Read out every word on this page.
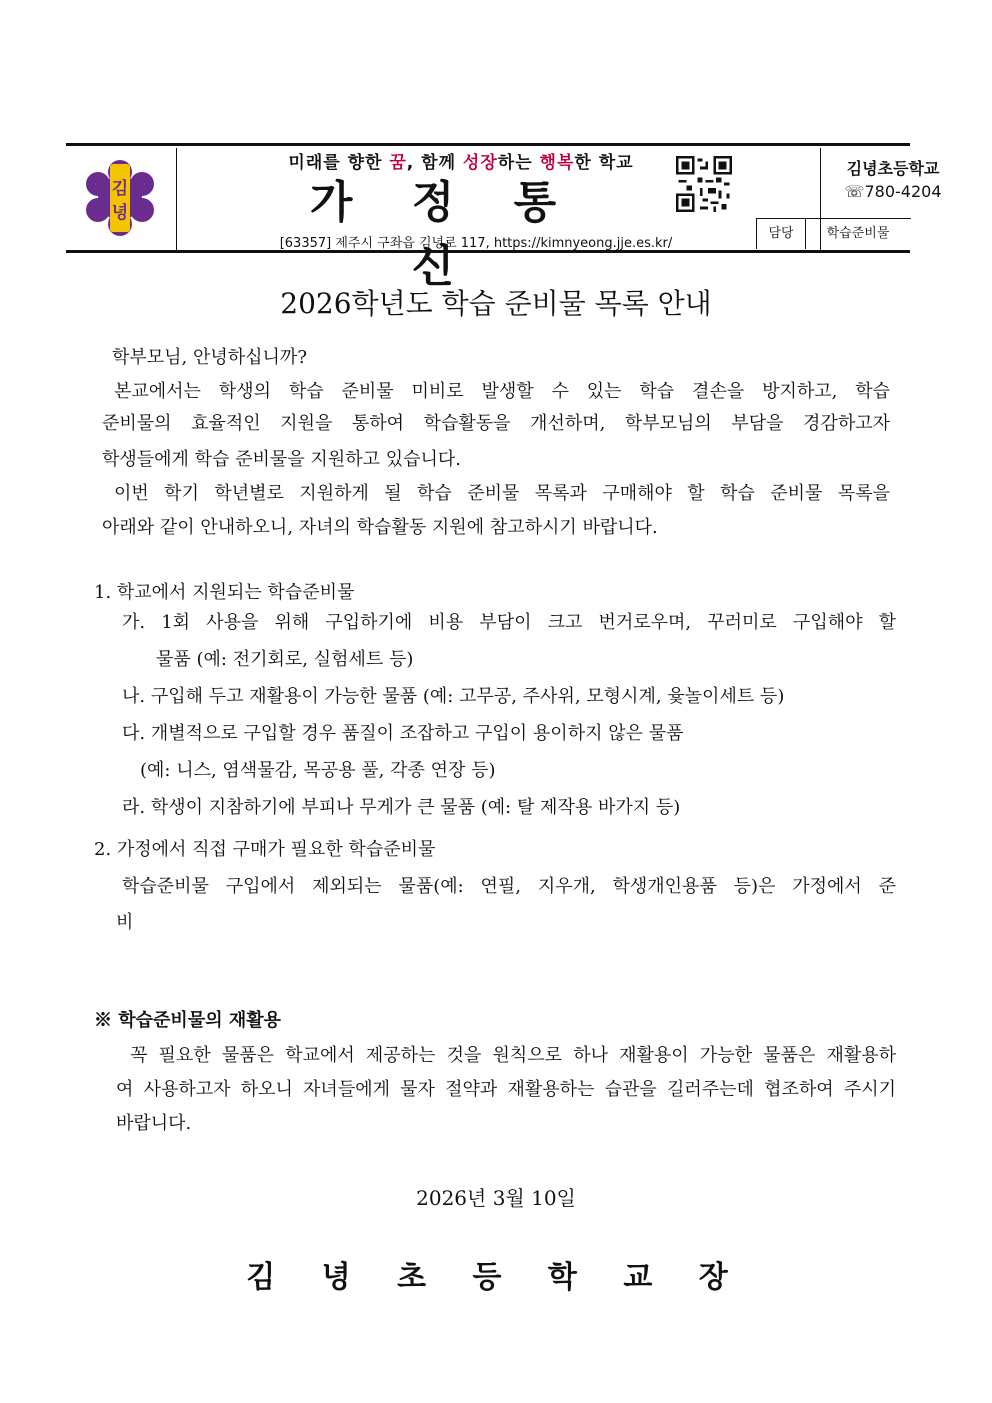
김
녕
미래를 향한 꿈, 함께 성장하는 행복한 학교
가 정 통 신
[63357] 제주시 구좌읍 김녕로 117, https://kimnyeong.jje.es.kr/
김녕초등학교
☏780-4204
담당	학습준비물
2026학년도 학습 준비물 목록 안내
학부모님, 안녕하십니까?
본교에서는 학생의 학습 준비물 미비로 발생할 수 있는 학습 결손을 방지하고, 학습
준비물의 효율적인 지원을 통하여 학습활동을 개선하며, 학부모님의 부담을 경감하고자
학생들에게 학습 준비물을 지원하고 있습니다.
이번 학기 학년별로 지원하게 될 학습 준비물 목록과 구매해야 할 학습 준비물 목록을
아래와 같이 안내하오니, 자녀의 학습활동 지원에 참고하시기 바랍니다.
1. 학교에서 지원되는 학습준비물
가. 1회 사용을 위해 구입하기에 비용 부담이 크고 번거로우며, 꾸러미로 구입해야 할
물품 (예: 전기회로, 실험세트 등)
나. 구입해 두고 재활용이 가능한 물품 (예: 고무공, 주사위, 모형시계, 윷놀이세트 등)
다. 개별적으로 구입할 경우 품질이 조잡하고 구입이 용이하지 않은 물품
(예: 니스, 염색물감, 목공용 풀, 각종 연장 등)
라. 학생이 지참하기에 부피나 무게가 큰 물품 (예: 탈 제작용 바가지 등)
2. 가정에서 직접 구매가 필요한 학습준비물
학습준비물 구입에서 제외되는 물품(예: 연필, 지우개, 학생개인용품 등)은 가정에서 준
비
※ 학습준비물의 재활용
꼭 필요한 물품은 학교에서 제공하는 것을 원칙으로 하나 재활용이 가능한 물품은 재활용하
여 사용하고자 하오니 자녀들에게 물자 절약과 재활용하는 습관을 길러주는데 협조하여 주시기
바랍니다.
2026년 3월 10일
김 녕 초 등 학 교 장
